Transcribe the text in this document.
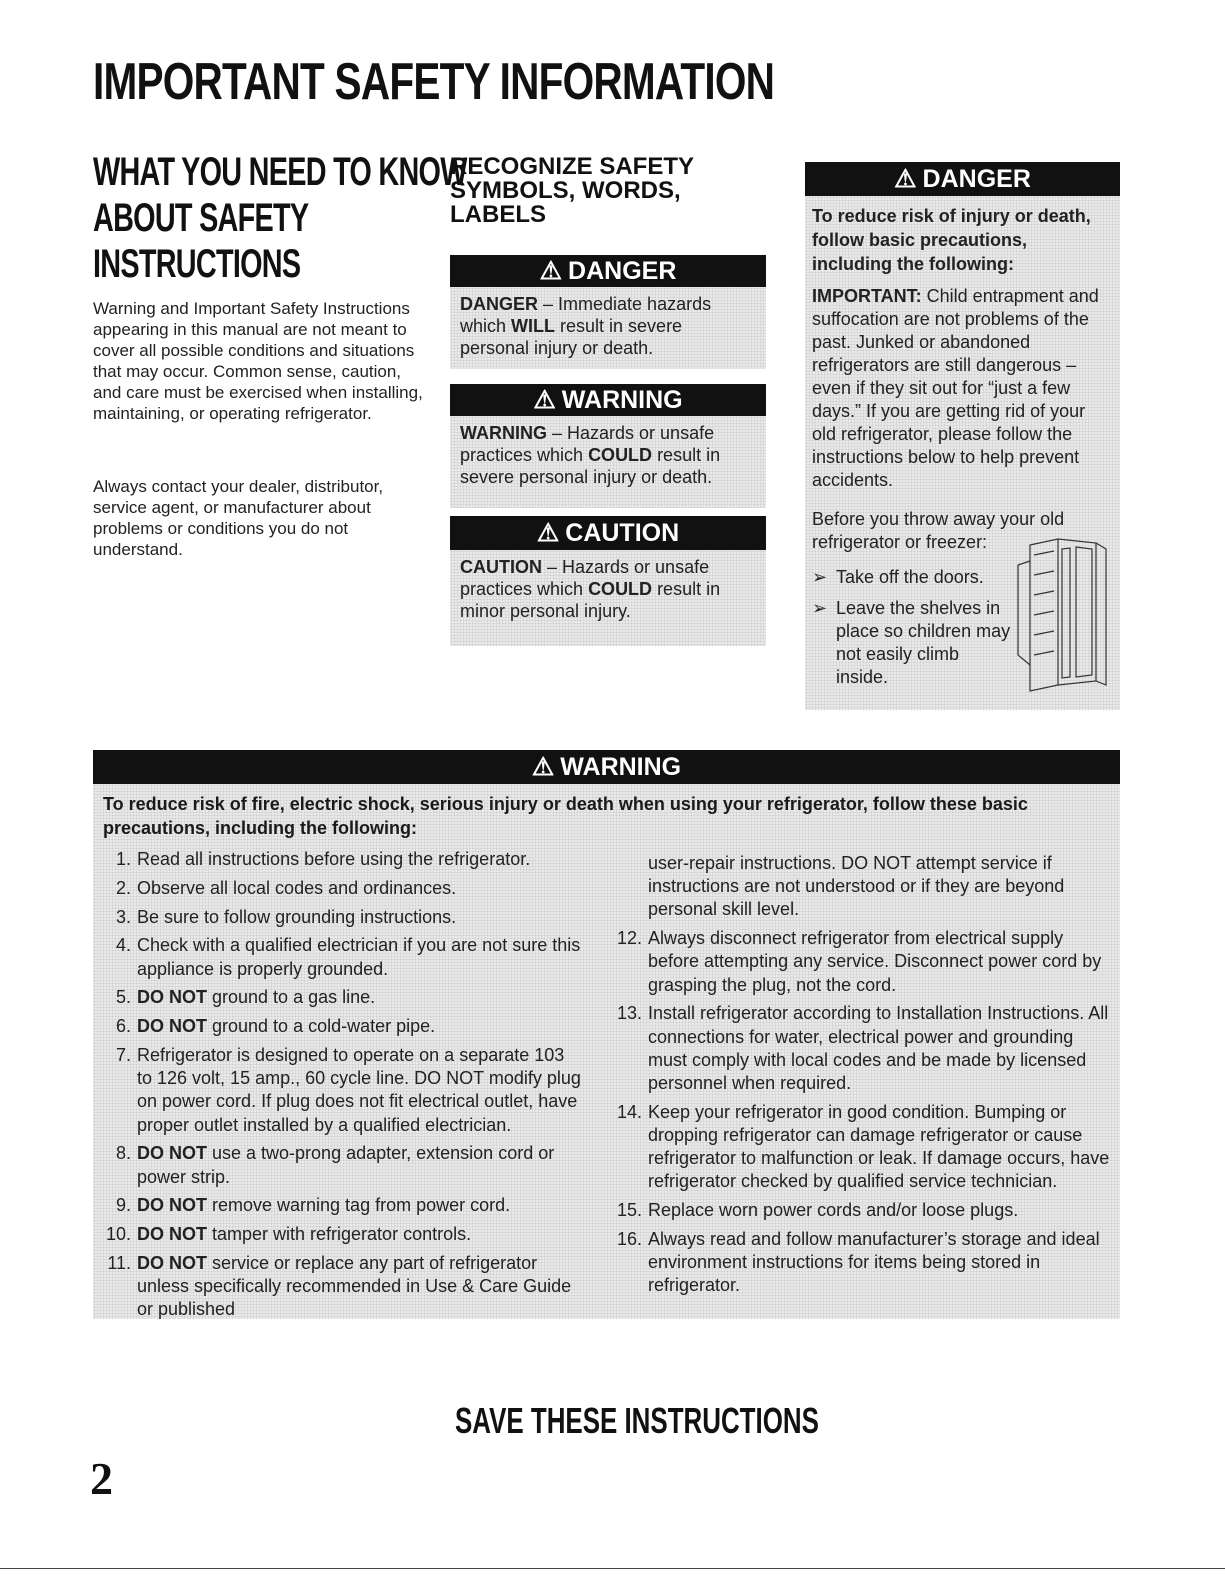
IMPORTANT SAFETY INFORMATION
WHAT YOU NEED TO KNOW
ABOUT SAFETY
INSTRUCTIONS
Warning and Important Safety Instructions appearing in this manual are not meant to cover all possible conditions and situations that may occur. Common sense, caution, and care must be exercised when installing, maintaining, or operating refrigerator.
Always contact your dealer, distributor, service agent, or manufacturer about problems or conditions you do not understand.
RECOGNIZE SAFETY SYMBOLS, WORDS, LABELS
⚠ DANGER
DANGER – Immediate hazards which WILL result in severe personal injury or death.
⚠ WARNING
WARNING – Hazards or unsafe practices which COULD result in severe personal injury or death.
⚠ CAUTION
CAUTION – Hazards or unsafe practices which COULD result in minor personal injury.
⚠ DANGER
To reduce risk of injury or death, follow basic precautions, including the following:
IMPORTANT: Child entrapment and suffocation are not problems of the past. Junked or abandoned refrigerators are still dangerous – even if they sit out for “just a few days.” If you are getting rid of your old refrigerator, please follow the instructions below to help prevent accidents.
Before you throw away your old refrigerator or freezer:
➢ Take off the doors.
➢ Leave the shelves in place so children may not easily climb inside.
⚠ WARNING
To reduce risk of fire, electric shock, serious injury or death when using your refrigerator, follow these basic precautions, including the following:
1. Read all instructions before using the refrigerator.
2. Observe all local codes and ordinances.
3. Be sure to follow grounding instructions.
4. Check with a qualified electrician if you are not sure this appliance is properly grounded.
5. DO NOT ground to a gas line.
6. DO NOT ground to a cold-water pipe.
7. Refrigerator is designed to operate on a separate 103 to 126 volt, 15 amp., 60 cycle line. DO NOT modify plug on power cord. If plug does not fit electrical outlet, have proper outlet installed by a qualified electrician.
8. DO NOT use a two-prong adapter, extension cord or power strip.
9. DO NOT remove warning tag from power cord.
10. DO NOT tamper with refrigerator controls.
11. DO NOT service or replace any part of refrigerator unless specifically recommended in Use & Care Guide or published
user-repair instructions. DO NOT attempt service if instructions are not understood or if they are beyond personal skill level.
12. Always disconnect refrigerator from electrical supply before attempting any service. Disconnect power cord by grasping the plug, not the cord.
13. Install refrigerator according to Installation Instructions. All connections for water, electrical power and grounding must comply with local codes and be made by licensed personnel when required.
14. Keep your refrigerator in good condition. Bumping or dropping refrigerator can damage refrigerator or cause refrigerator to malfunction or leak. If damage occurs, have refrigerator checked by qualified service technician.
15. Replace worn power cords and/or loose plugs.
16. Always read and follow manufacturer’s storage and ideal environment instructions for items being stored in refrigerator.
SAVE THESE INSTRUCTIONS
2
